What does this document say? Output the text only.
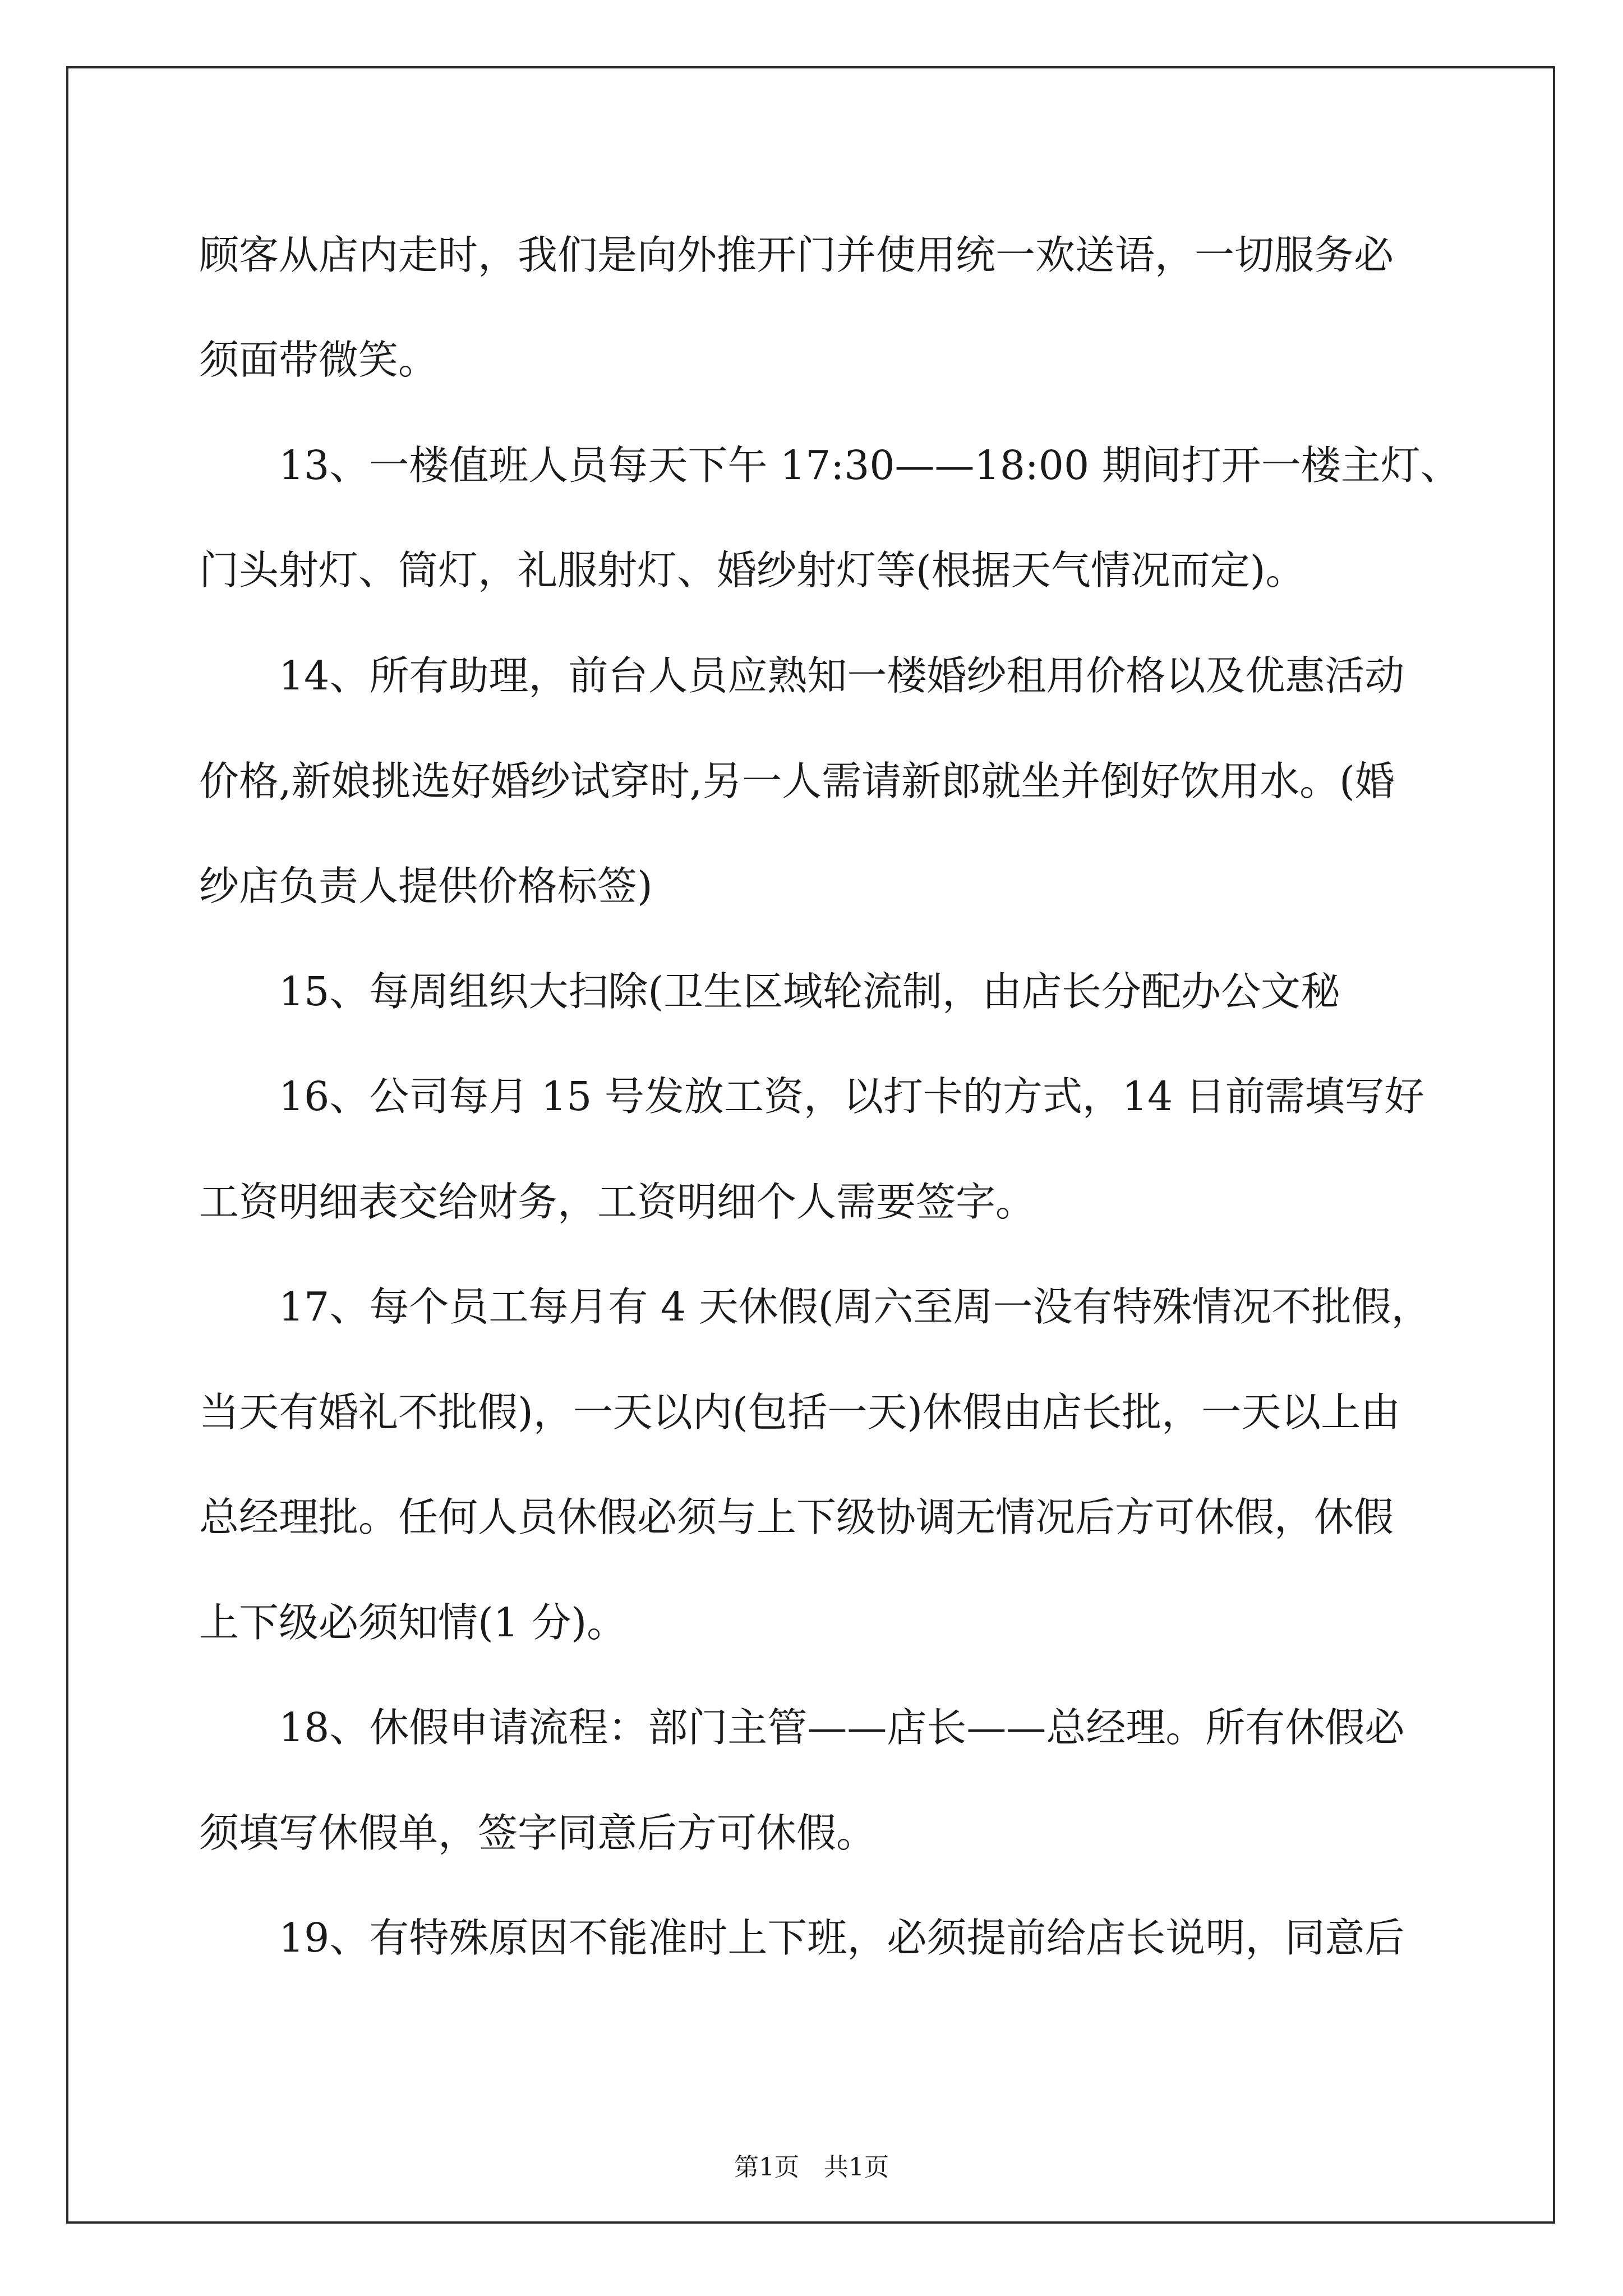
顾客从店内走时，我们是向外推开门并使用统一欢送语，一切服务必

须面带微笑。

13、一楼值班人员每天下午 17:30——18:00 期间打开一楼主灯、

门头射灯、筒灯，礼服射灯、婚纱射灯等(根据天气情况而定)。

14、所有助理，前台人员应熟知一楼婚纱租用价格以及优惠活动

价格,新娘挑选好婚纱试穿时,另一人需请新郎就坐并倒好饮用水。(婚

纱店负责人提供价格标签)

15、每周组织大扫除(卫生区域轮流制，由店长分配办公文秘

16、公司每月 15 号发放工资，以打卡的方式，14 日前需填写好

工资明细表交给财务，工资明细个人需要签字。

17、每个员工每月有 4 天休假(周六至周一没有特殊情况不批假，

当天有婚礼不批假)，一天以内(包括一天)休假由店长批，一天以上由

总经理批。任何人员休假必须与上下级协调无情况后方可休假，休假

上下级必须知情(1 分)。

18、休假申请流程：部门主管——店长——总经理。所有休假必

须填写休假单，签字同意后方可休假。

19、有特殊原因不能准时上下班，必须提前给店长说明，同意后

第1页　共1页
